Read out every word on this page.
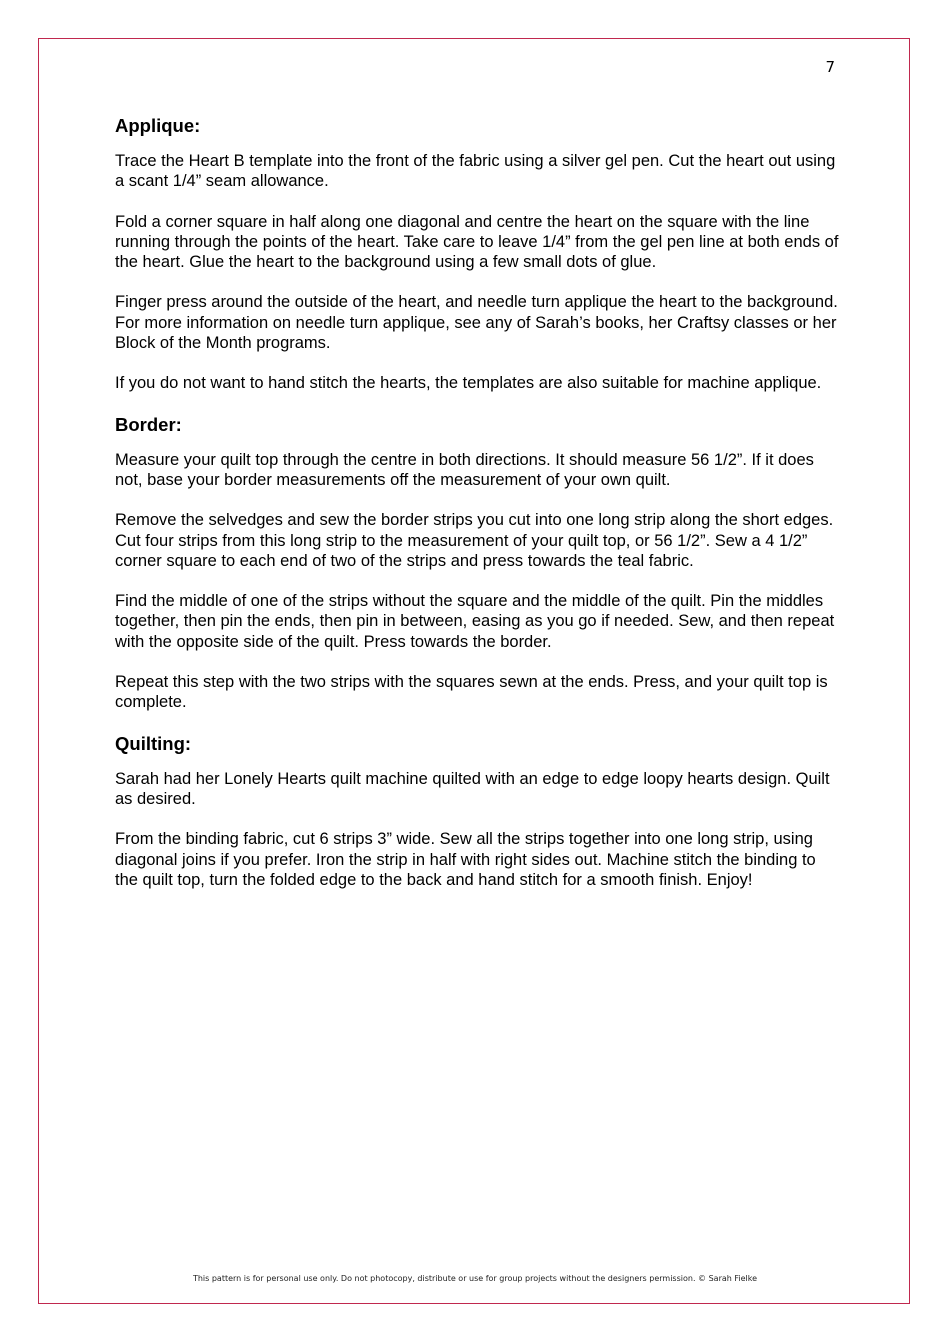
7
Applique:

Trace the Heart B template into the front of the fabric using a silver gel pen. Cut the heart out using a scant 1/4” seam allowance.

Fold a corner square in half along one diagonal and centre the heart on the square with the line running through the points of the heart. Take care to leave 1/4” from the gel pen line at both ends of the heart. Glue the heart to the background using a few small dots of glue.

Finger press around the outside of the heart, and needle turn applique the heart to the background. For more information on needle turn applique, see any of Sarah’s books, her Craftsy classes or her Block of the Month programs.

If you do not want to hand stitch the hearts, the templates are also suitable for machine applique.

Border:

Measure your quilt top through the centre in both directions. It should measure 56 1/2”. If it does not, base your border measurements off the measurement of your own quilt.

Remove the selvedges and sew the border strips you cut into one long strip along the short edges. Cut four strips from this long strip to the measurement of your quilt top, or 56 1/2”. Sew a 4 1/2” corner square to each end of two of the strips and press towards the teal fabric.

Find the middle of one of the strips without the square and the middle of the quilt. Pin the middles together, then pin the ends, then pin in between, easing as you go if needed. Sew, and then repeat with the opposite side of the quilt. Press towards the border.

Repeat this step with the two strips with the squares sewn at the ends. Press, and your quilt top is complete.

Quilting:

Sarah had her Lonely Hearts quilt machine quilted with an edge to edge loopy hearts design. Quilt as desired.

From the binding fabric, cut 6 strips 3” wide. Sew all the strips together into one long strip, using diagonal joins if you prefer. Iron the strip in half with right sides out. Machine stitch the binding to the quilt top, turn the folded edge to the back and hand stitch for a smooth finish. Enjoy!

This pattern is for personal use only. Do not photocopy, distribute or use for group projects without the designers permission. © Sarah Fielke
